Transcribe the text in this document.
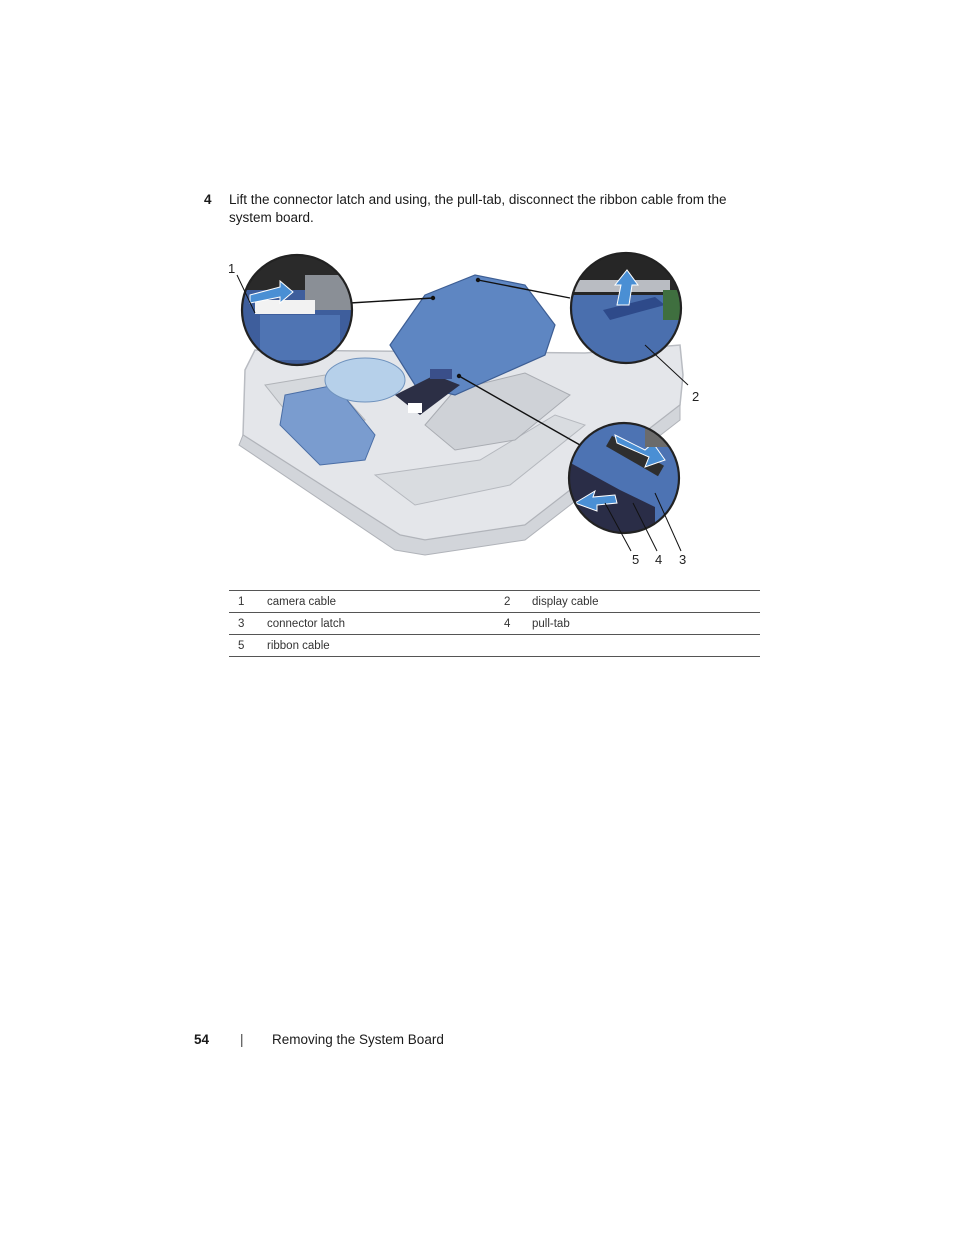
4 Lift the connector latch and using, the pull-tab, disconnect the ribbon cable from the system board.
1
2
5 4 3
1	camera cable	2	display cable
3	connector latch	4	pull-tab
5	ribbon cable		
54 | Removing the System Board
